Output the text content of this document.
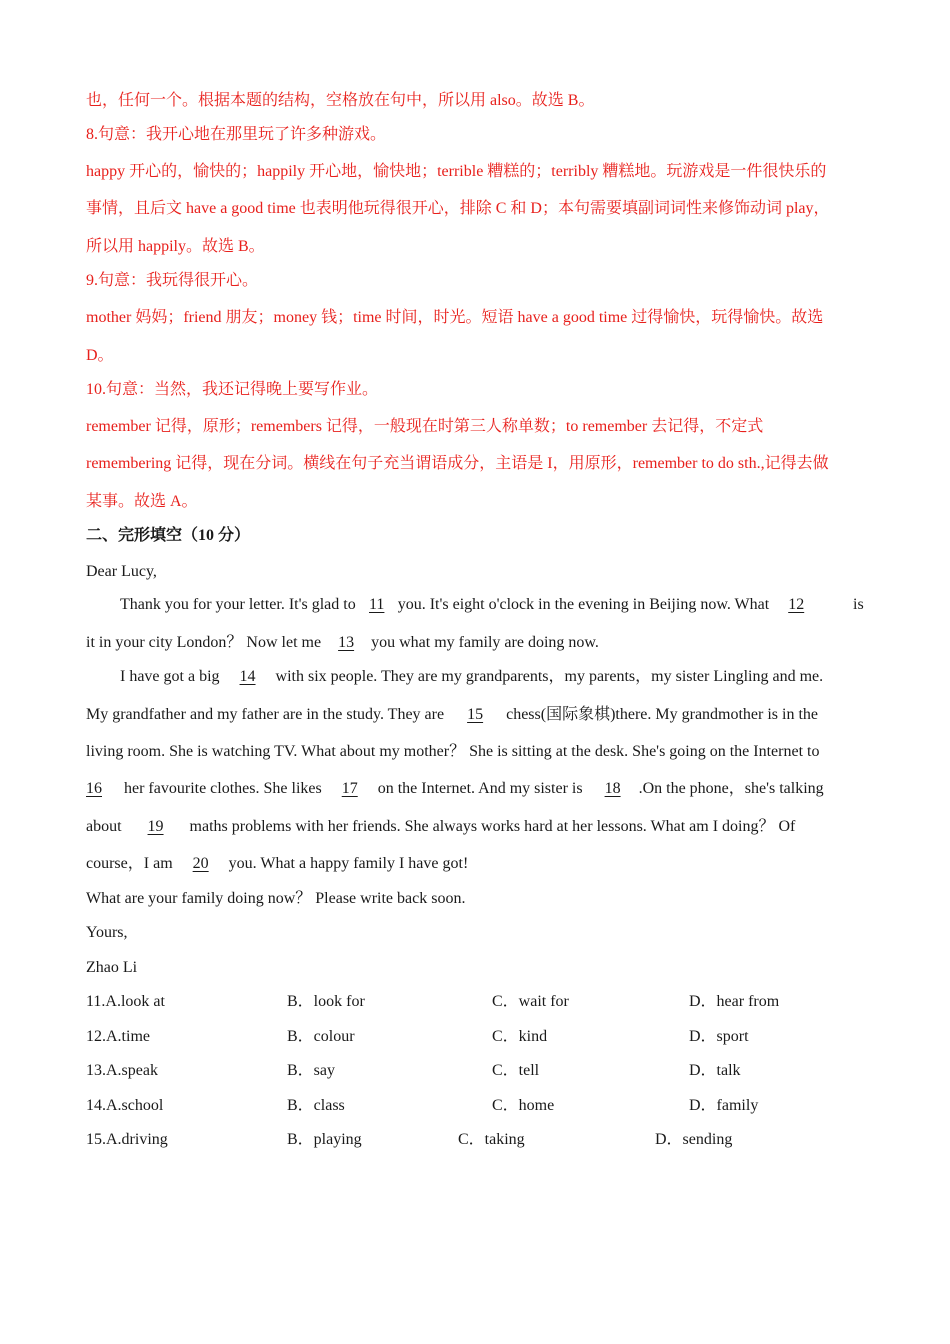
也，任何一个。根据本题的结构，空格放在句中，所以用 also。故选 B。
8.句意：我开心地在那里玩了许多种游戏。
happy 开心的，愉快的；happily 开心地，愉快地；terrible 糟糕的；terribly 糟糕地。玩游戏是一件很快乐的
事情，且后文 have a good time 也表明他玩得很开心，排除 C 和 D；本句需要填副词词性来修饰动词 play，
所以用 happily。故选 B。
9.句意：我玩得很开心。
mother 妈妈；friend 朋友；money 钱；time 时间，时光。短语 have a good time 过得愉快，玩得愉快。故选
D。
10.句意：当然，我还记得晚上要写作业。
remember 记得，原形；remembers 记得，一般现在时第三人称单数；to remember 去记得，不定式
remembering 记得，现在分词。横线在句子充当谓语成分，主语是 I，用原形，remember to do sth.,记得去做
某事。故选 A。
二、完形填空（10 分）
Dear Lucy,
Thank you for your letter. It's glad to 11 you. It's eight o'clock in the evening in Beijing now. What 12	is
it in your city London？ Now let me 13 you what my family are doing now.
I have got a big 14 with six people. They are my grandparents，my parents，my sister Lingling and me.
My grandfather and my father are in the study. They are 15 chess(国际象棋)there. My grandmother is in the
living room. She is watching TV. What about my mother？ She is sitting at the desk. She's going on the Internet to
16 her favourite clothes. She likes 17 on the Internet. And my sister is 18 .On the phone，she's talking
about 19 maths problems with her friends. She always works hard at her lessons. What am I doing？ Of
course，I am 20 you. What a happy family I have got!
What are your family doing now？ Please write back soon.
Yours,
Zhao Li
11.A.look at	B．look for	C．wait for	D．hear from
12.A.time	B．colour	C．kind	D．sport
13.A.speak	B．say	C．tell	D．talk
14.A.school	B．class	C．home	D．family
15.A.driving	B．playing	C．taking	D．sending
